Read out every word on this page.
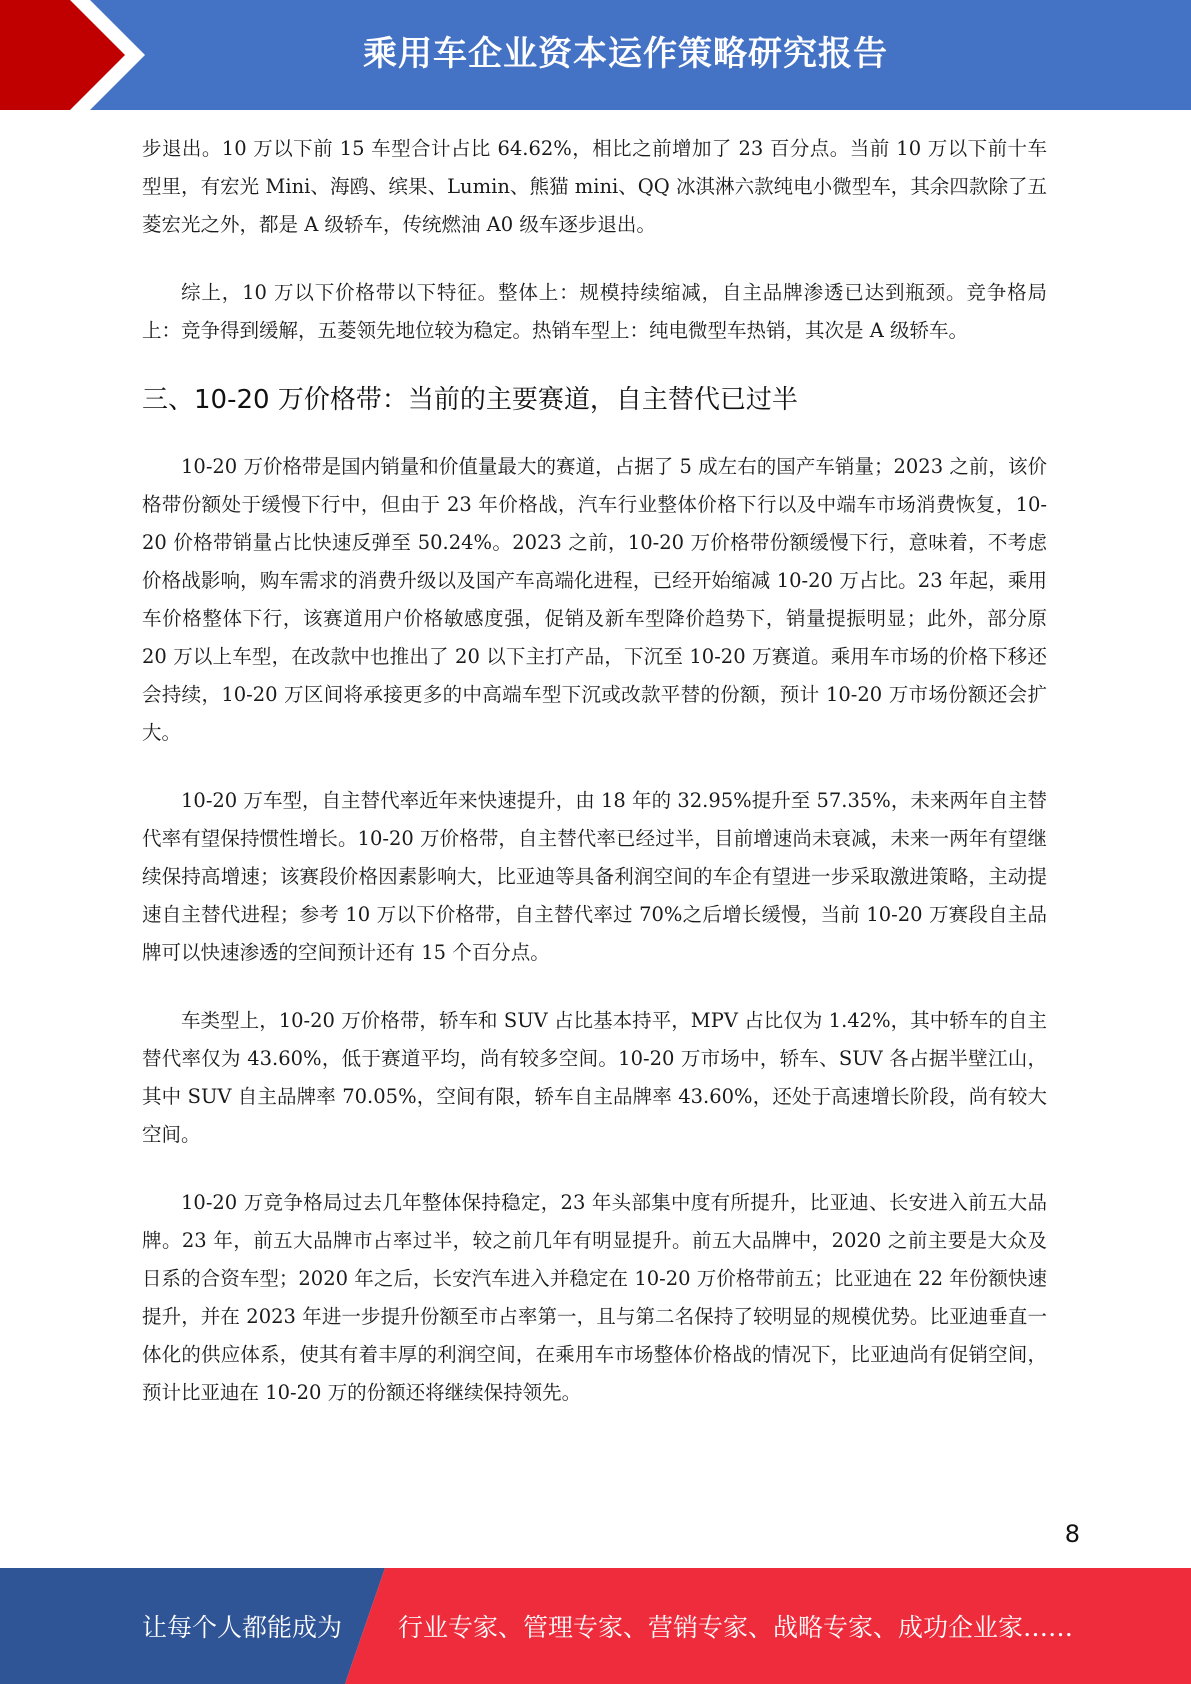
乘用车企业资本运作策略研究报告

步退出。10 万以下前 15 车型合计占比 64.62%，相比之前增加了 23 百分点。当前 10 万以下前十车型里，有宏光 Mini、海鸥、缤果、Lumin、熊猫 mini、QQ 冰淇淋六款纯电小微型车，其余四款除了五菱宏光之外，都是 A 级轿车，传统燃油 A0 级车逐步退出。

综上，10 万以下价格带以下特征。整体上：规模持续缩减，自主品牌渗透已达到瓶颈。竞争格局上：竞争得到缓解，五菱领先地位较为稳定。热销车型上：纯电微型车热销，其次是 A 级轿车。

三、10-20 万价格带：当前的主要赛道，自主替代已过半

10-20 万价格带是国内销量和价值量最大的赛道，占据了 5 成左右的国产车销量；2023 之前，该价格带份额处于缓慢下行中，但由于 23 年价格战，汽车行业整体价格下行以及中端车市场消费恢复，10-20 价格带销量占比快速反弹至 50.24%。2023 之前，10-20 万价格带份额缓慢下行，意味着，不考虑价格战影响，购车需求的消费升级以及国产车高端化进程，已经开始缩减 10-20 万占比。23 年起，乘用车价格整体下行，该赛道用户价格敏感度强，促销及新车型降价趋势下，销量提振明显；此外，部分原 20 万以上车型，在改款中也推出了 20 以下主打产品，下沉至 10-20 万赛道。乘用车市场的价格下移还会持续，10-20 万区间将承接更多的中高端车型下沉或改款平替的份额，预计 10-20 万市场份额还会扩大。

10-20 万车型，自主替代率近年来快速提升，由 18 年的 32.95%提升至 57.35%，未来两年自主替代率有望保持惯性增长。10-20 万价格带，自主替代率已经过半，目前增速尚未衰减，未来一两年有望继续保持高增速；该赛段价格因素影响大，比亚迪等具备利润空间的车企有望进一步采取激进策略，主动提速自主替代进程；参考 10 万以下价格带，自主替代率过 70%之后增长缓慢，当前 10-20 万赛段自主品牌可以快速渗透的空间预计还有 15 个百分点。

车类型上，10-20 万价格带，轿车和 SUV 占比基本持平，MPV 占比仅为 1.42%，其中轿车的自主替代率仅为 43.60%，低于赛道平均，尚有较多空间。10-20 万市场中，轿车、SUV 各占据半壁江山，其中 SUV 自主品牌率 70.05%，空间有限，轿车自主品牌率 43.60%，还处于高速增长阶段，尚有较大空间。

10-20 万竞争格局过去几年整体保持稳定，23 年头部集中度有所提升，比亚迪、长安进入前五大品牌。23 年，前五大品牌市占率过半，较之前几年有明显提升。前五大品牌中，2020 之前主要是大众及日系的合资车型；2020 年之后，长安汽车进入并稳定在 10-20 万价格带前五；比亚迪在 22 年份额快速提升，并在 2023 年进一步提升份额至市占率第一，且与第二名保持了较明显的规模优势。比亚迪垂直一体化的供应体系，使其有着丰厚的利润空间，在乘用车市场整体价格战的情况下，比亚迪尚有促销空间，预计比亚迪在 10-20 万的份额还将继续保持领先。

8
让每个人都能成为 行业专家、管理专家、营销专家、战略专家、成功企业家……
